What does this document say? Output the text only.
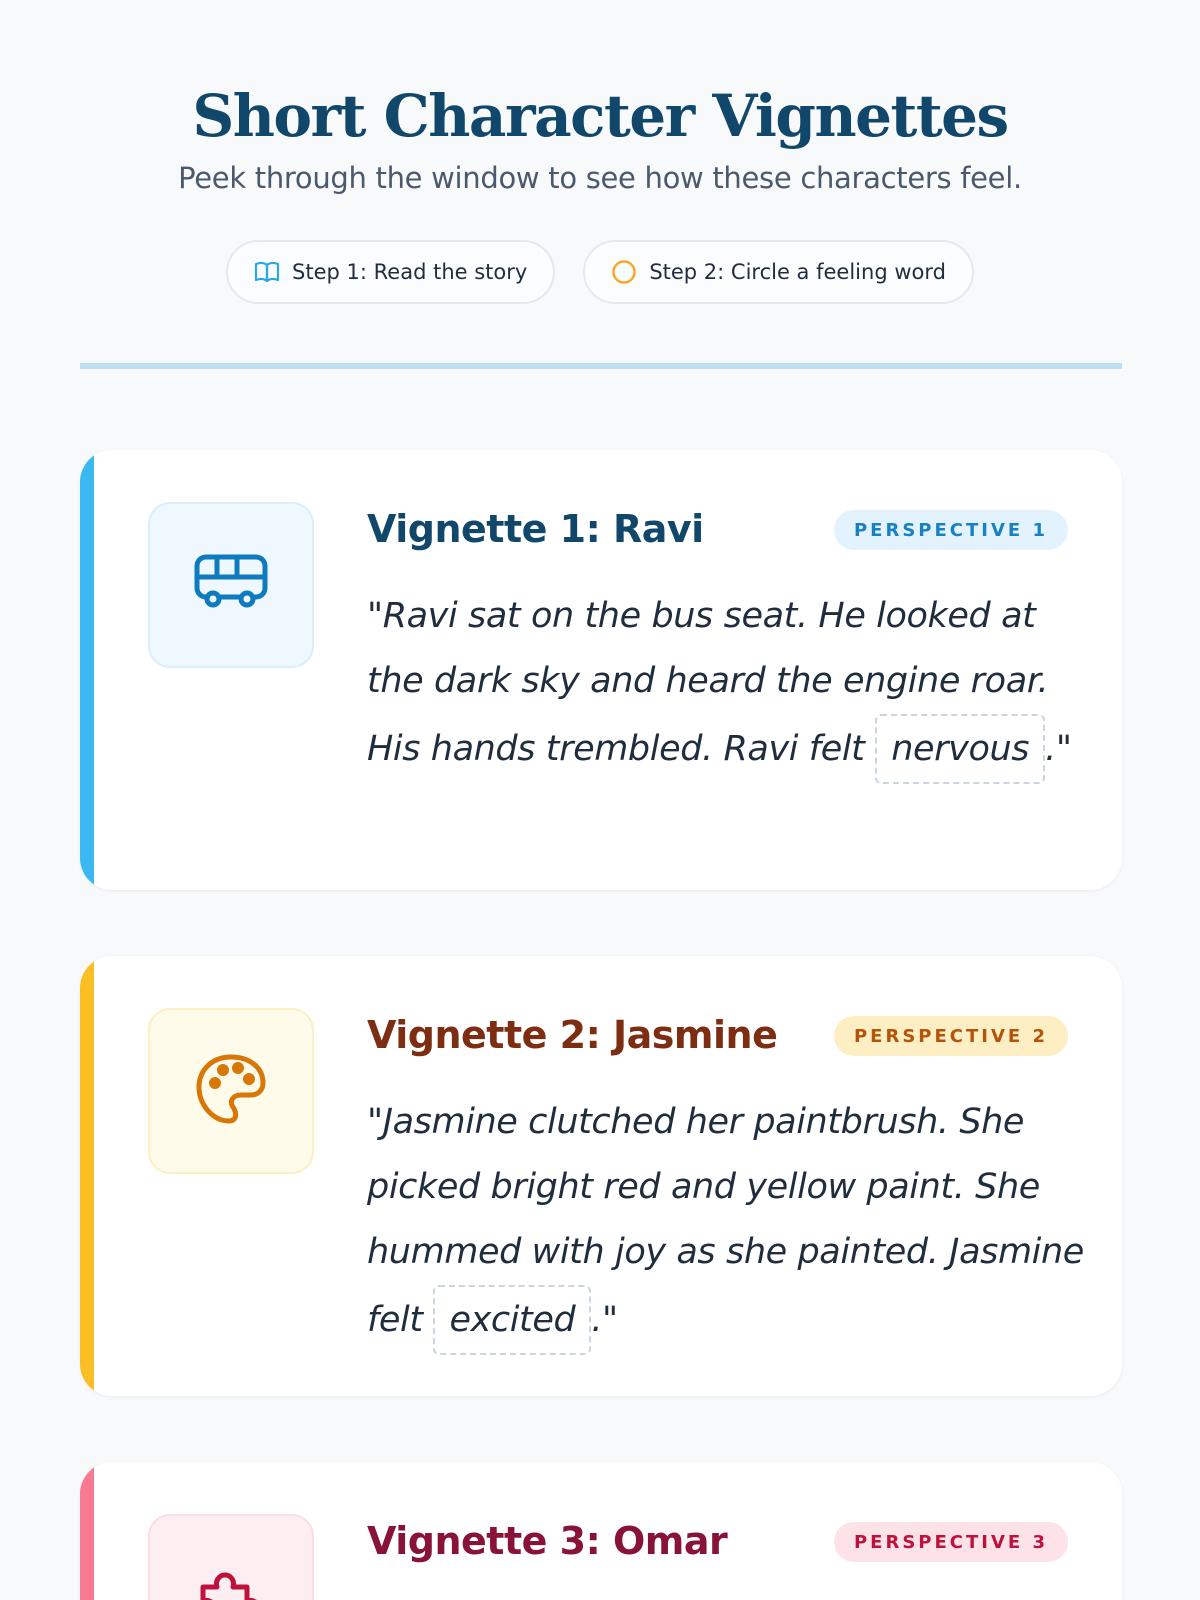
Short Character Vignettes

Peek through the window to see how these characters feel.

Step 1: Read the story	Step 2: Circle a feeling word
Vignette 1: Ravi	PERSPECTIVE 1

"Ravi sat on the bus seat. He looked at the dark sky and heard the engine roar. His hands trembled. Ravi felt nervous ."

Vignette 2: Jasmine	PERSPECTIVE 2

"Jasmine clutched her paintbrush. She picked bright red and yellow paint. She hummed with joy as she painted. Jasmine felt excited ."

Vignette 3: Omar	PERSPECTIVE 3
